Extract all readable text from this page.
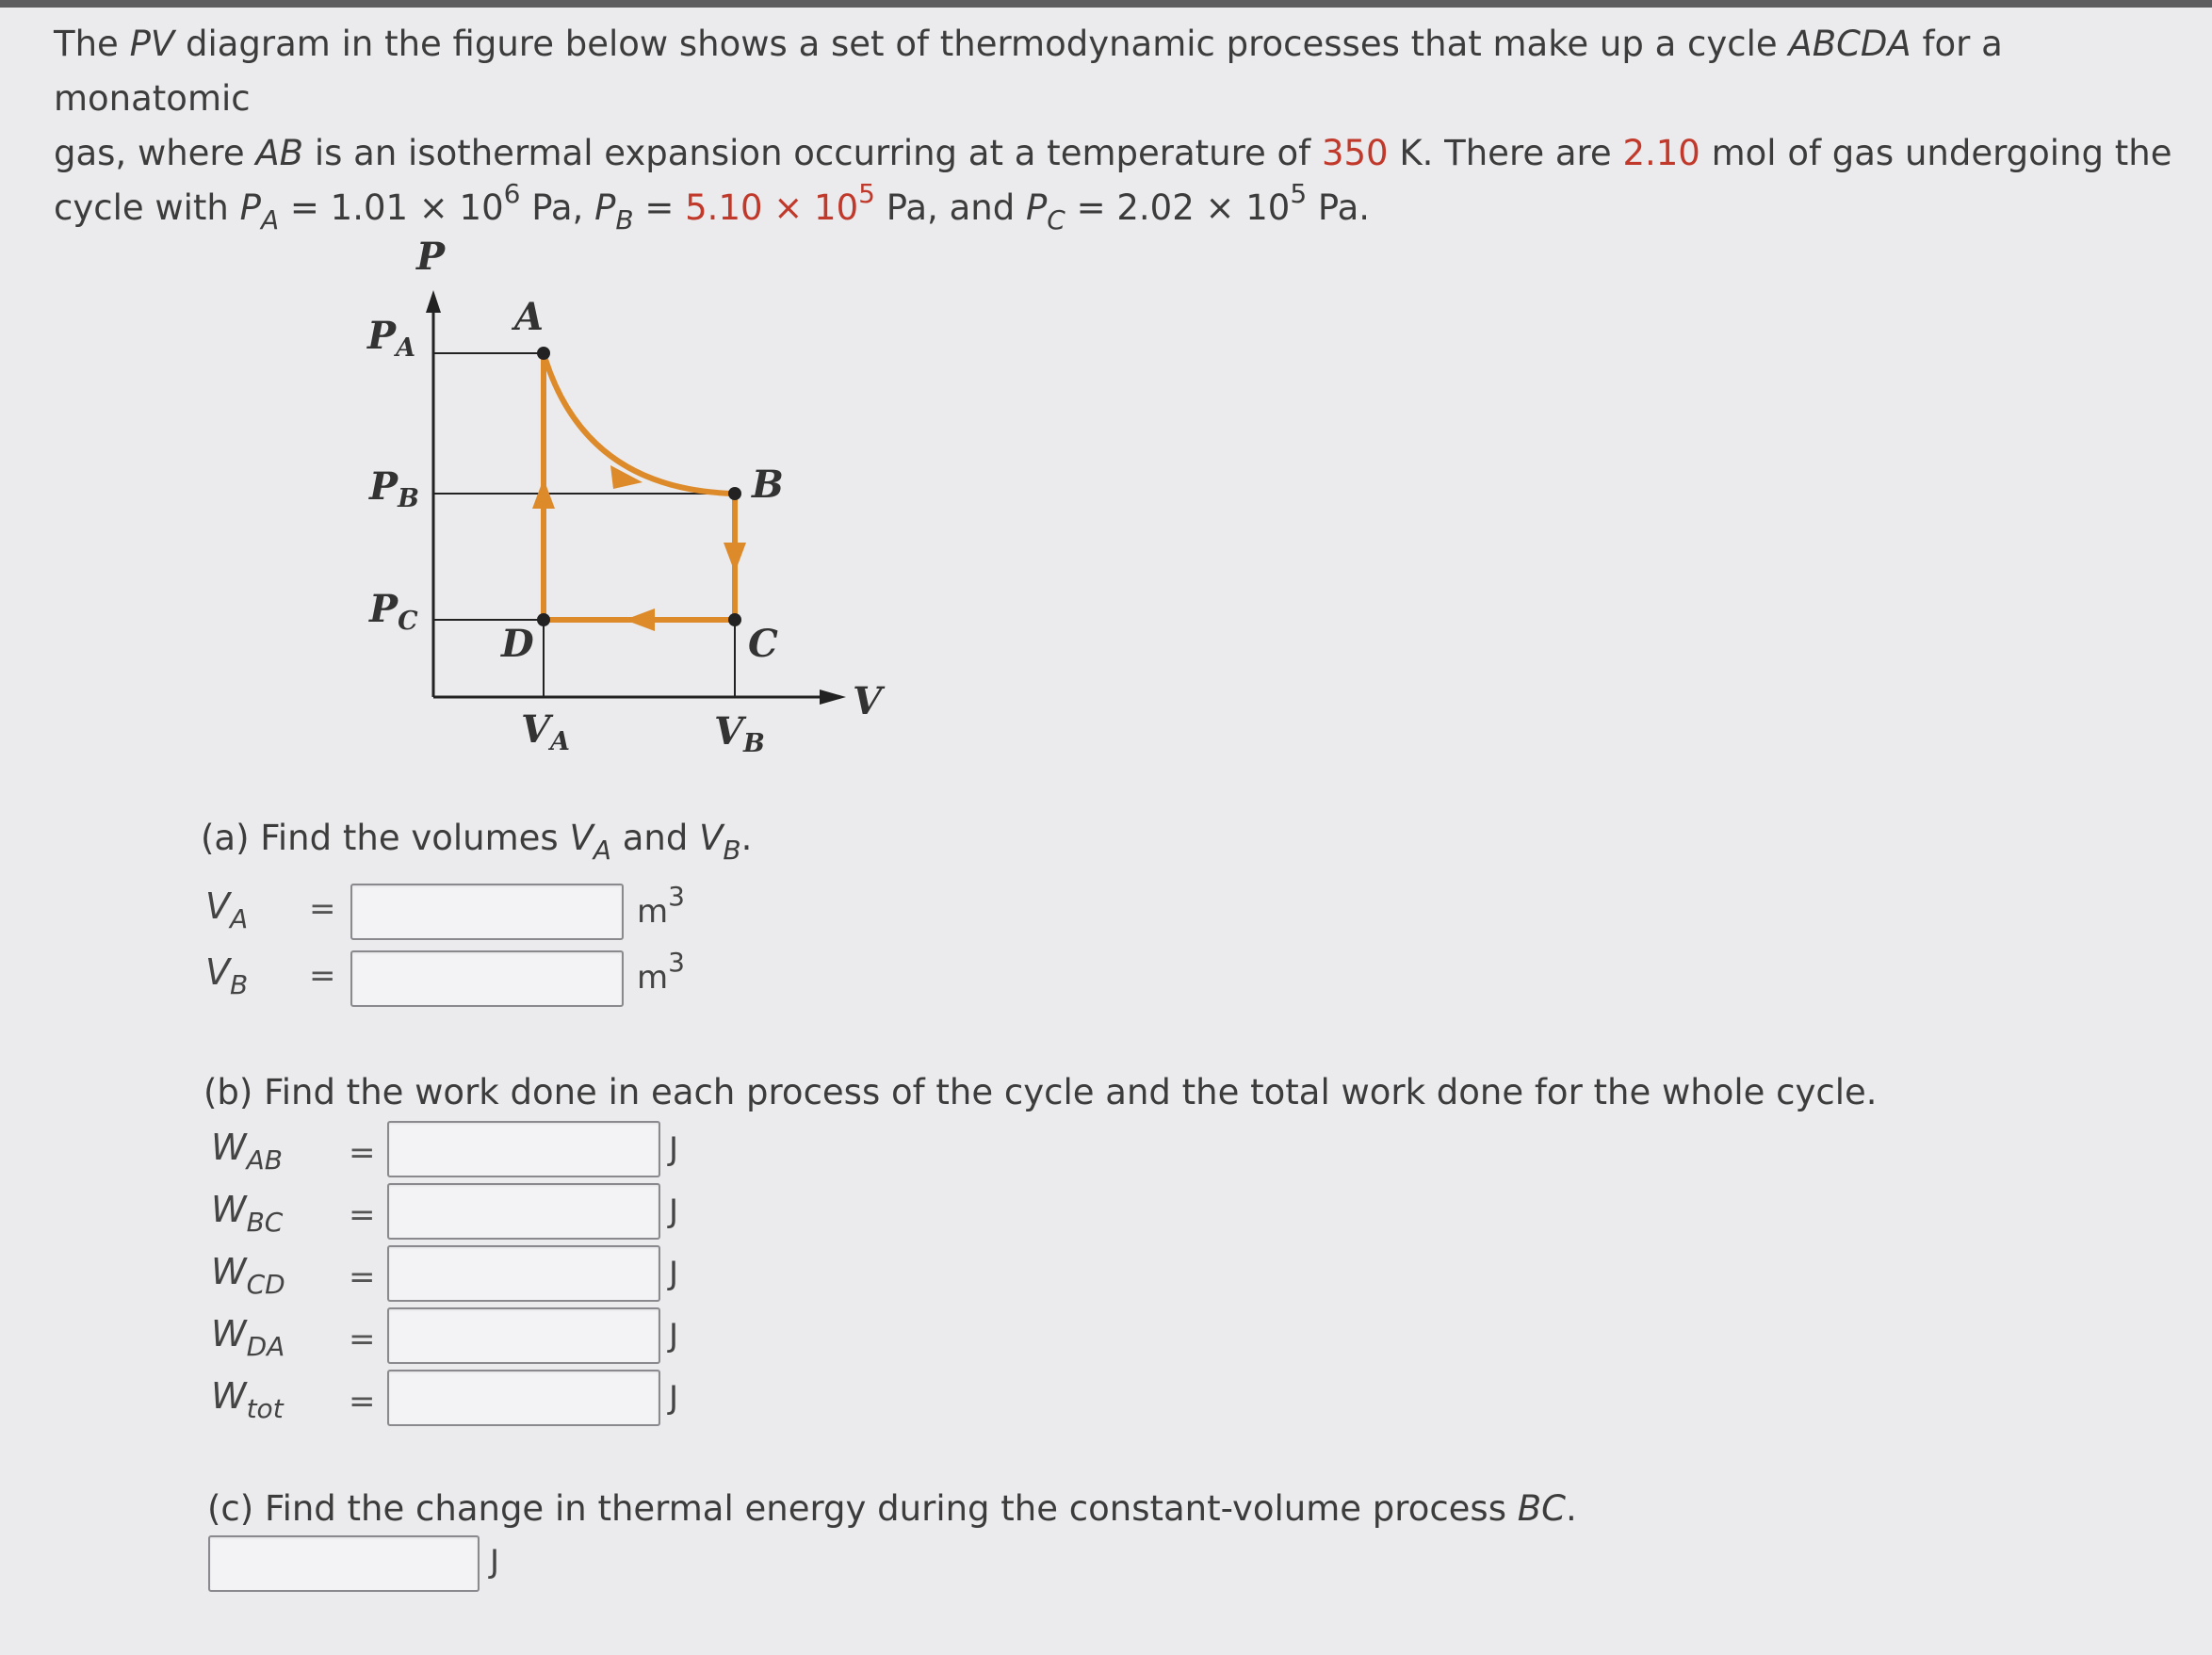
The PV diagram in the figure below shows a set of thermodynamic processes that make up a cycle ABCDA for a monatomic
gas, where AB is an isothermal expansion occurring at a temperature of 350 K. There are 2.10 mol of gas undergoing the
cycle with $P_A = 1.01 \times 10^6$ Pa, $P_B = 5.10 \times 10^5$ Pa, and $P_C = 2.02 \times 10^5$ Pa.
P
V
$P_A$
$P_B$
$P_C$
$V_A$	$V_B$
A
B
C
D
(a) Find the volumes $V_A$ and $V_B$.
$V_A$ =	$m^3$
$V_B$ =	$m^3$
(b) Find the work done in each process of the cycle and the total work done for the whole cycle.
$W_{AB}$ =	J
$W_{BC}$ =	J
$W_{CD}$ =	J
$W_{DA}$ =	J
$W_{tot}$ =	J
(c) Find the change in thermal energy during the constant-volume process BC.
J
